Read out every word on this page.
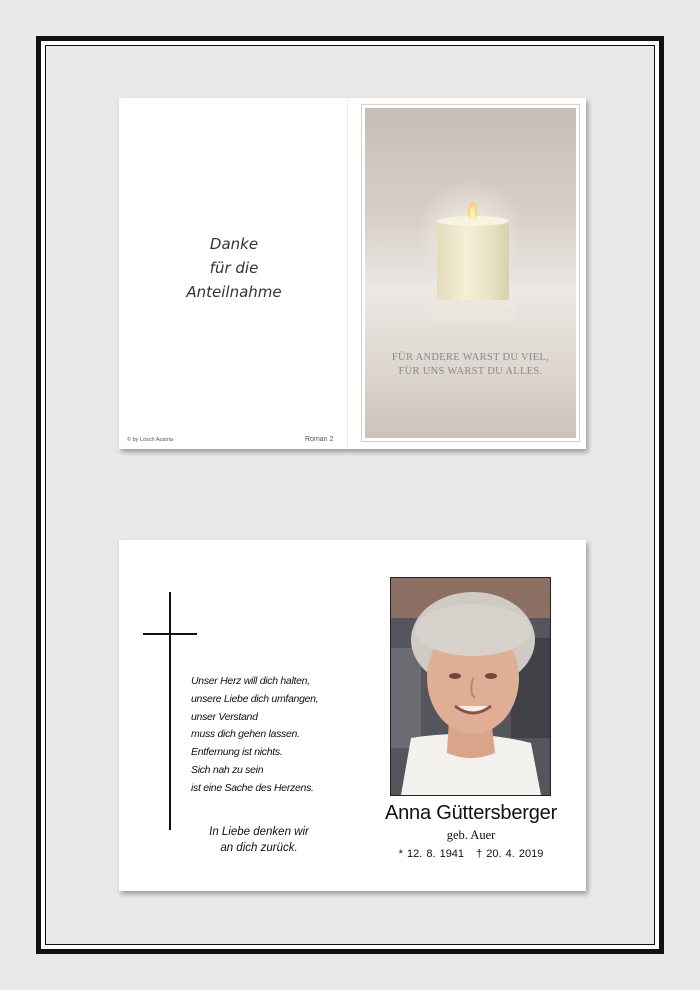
Danke
für die
Anteilnahme
© by Lösch Austria	Roman 2
FÜR ANDERE WARST DU VIEL,
FÜR UNS WARST DU ALLES.
Unser Herz will dich halten,
unsere Liebe dich umfangen,
unser Verstand
muss dich gehen lassen.
Entfernung ist nichts.
Sich nah zu sein
ist eine Sache des Herzens.
In Liebe denken wir
an dich zurück.
Anna Güttersberger
geb. Auer
* 12. 8. 1941 † 20. 4. 2019
